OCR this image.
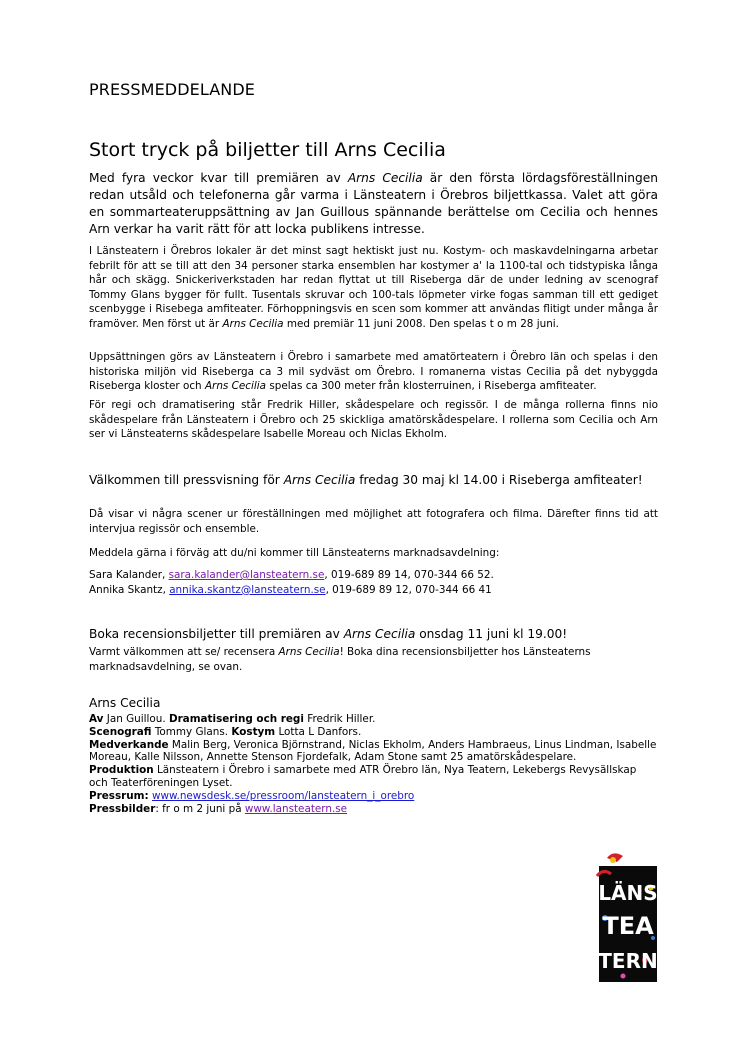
PRESSMEDDELANDE
Stort tryck på biljetter till Arns Cecilia

Med fyra veckor kvar till premiären av Arns Cecilia är den första lördagsföreställningen redan utsåld och telefonerna går varma i Länsteatern i Örebros biljettkassa. Valet att göra en sommarteateruppsättning av Jan Guillous spännande berättelse om Cecilia och hennes Arn verkar ha varit rätt för att locka publikens intresse.

I Länsteatern i Örebros lokaler är det minst sagt hektiskt just nu. Kostym- och maskavdelningarna arbetar febrilt för att se till att den 34 personer starka ensemblen har kostymer a' la 1100-tal och tidstypiska långa hår och skägg. Snickeriverkstaden har redan flyttat ut till Riseberga där de under ledning av scenograf Tommy Glans bygger för fullt. Tusentals skruvar och 100-tals löpmeter virke fogas samman till ett gediget scenbygge i Risebega amfiteater. Förhoppningsvis en scen som kommer att användas flitigt under många år framöver. Men först ut är Arns Cecilia med premiär 11 juni 2008. Den spelas t o m 28 juni.

Uppsättningen görs av Länsteatern i Örebro i samarbete med amatörteatern i Örebro län och spelas i den historiska miljön vid Riseberga ca 3 mil sydväst om Örebro. I romanerna vistas Cecilia på det nybyggda Riseberga kloster och Arns Cecilia spelas ca 300 meter från klosterruinen, i Riseberga amfiteater.

För regi och dramatisering står Fredrik Hiller, skådespelare och regissör. I de många rollerna finns nio skådespelare från Länsteatern i Örebro och 25 skickliga amatörskådespelare. I rollerna som Cecilia och Arn ser vi Länsteaterns skådespelare Isabelle Moreau och Niclas Ekholm.

Välkommen till pressvisning för Arns Cecilia fredag 30 maj kl 14.00 i Riseberga amfiteater!

Då visar vi några scener ur föreställningen med möjlighet att fotografera och filma. Därefter finns tid att intervjua regissör och ensemble.

Meddela gärna i förväg att du/ni kommer till Länsteaterns marknadsavdelning:

Sara Kalander, sara.kalander@lansteatern.se, 019-689 89 14, 070-344 66 52.
Annika Skantz, annika.skantz@lansteatern.se, 019-689 89 12, 070-344 66 41

Boka recensionsbiljetter till premiären av Arns Cecilia onsdag 11 juni kl 19.00!

Varmt välkommen att se/ recensera Arns Cecilia! Boka dina recensionsbiljetter hos Länsteaterns marknadsavdelning, se ovan.

Arns Cecilia
Av Jan Guillou. Dramatisering och regi Fredrik Hiller.
Scenografi Tommy Glans. Kostym Lotta L Danfors.
Medverkande Malin Berg, Veronica Björnstrand, Niclas Ekholm, Anders Hambraeus, Linus Lindman, Isabelle Moreau, Kalle Nilsson, Annette Stenson Fjordefalk, Adam Stone samt 25 amatörskådespelare.
Produktion Länsteatern i Örebro i samarbete med ATR Örebro län, Nya Teatern, Lekebergs Revysällskap och Teaterföreningen Lyset.
Pressrum: www.newsdesk.se/pressroom/lansteatern_i_orebro
Pressbilder: fr o m 2 juni på www.lansteatern.se
LÄNS
TEA
TERN
